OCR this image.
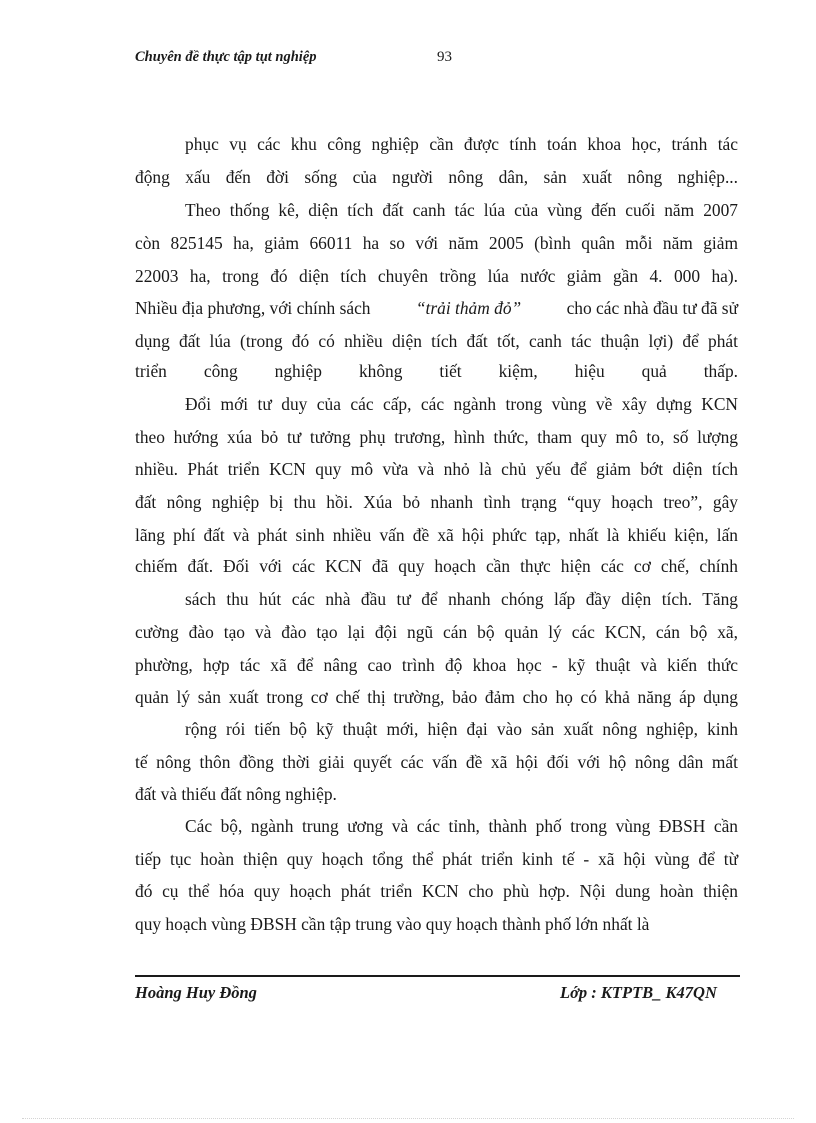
Chuyên đề thực tập tụt nghiệp	93
phục vụ các khu công nghiệp cần được tính toán khoa học, tránh tác
động xấu đến đời sống của người nông dân, sản xuất nông nghiệp...
Theo thống kê, diện tích đất canh tác lúa của vùng đến cuối năm 2007
còn 825145 ha, giảm 66011 ha so với năm 2005 (bình quân mỗi năm giảm
22003 ha, trong đó diện tích chuyên trồng lúa nước giảm gần 4. 000 ha).
Nhiều địa phương, với chính sách	“trải thảm đỏ”	cho các nhà đầu tư đã sử
dụng đất lúa (trong đó có nhiều diện tích đất tốt, canh tác thuận lợi) để phát
triển công nghiệp không tiết kiệm, hiệu quả thấp.
Đổi mới tư duy của các cấp, các ngành trong vùng về xây dựng KCN
theo hướng xúa bỏ tư tưởng phụ trương, hình thức, tham quy mô to, số lượng
nhiều. Phát triển KCN quy mô vừa và nhỏ là chủ yếu để giảm bớt diện tích
đất nông nghiệp bị thu hồi. Xúa bỏ nhanh tình trạng “quy hoạch treo”, gây
lãng phí đất và phát sinh nhiều vấn đề xã hội phức tạp, nhất là khiếu kiện, lấn
chiếm đất. Đối với các KCN đã quy hoạch cần thực hiện các cơ chế, chính
sách thu hút các nhà đầu tư để nhanh chóng lấp đầy diện tích. Tăng
cường đào tạo và đào tạo lại đội ngũ cán bộ quản lý các KCN, cán bộ xã,
phường, hợp tác xã để nâng cao trình độ khoa học - kỹ thuật và kiến thức
quản lý sản xuất trong cơ chế thị trường, bảo đảm cho họ có khả năng áp dụng
rộng rói tiến bộ kỹ thuật mới, hiện đại vào sản xuất nông nghiệp, kinh
tế nông thôn đồng thời giải quyết các vấn đề xã hội đối với hộ nông dân mất
đất và thiếu đất nông nghiệp.
Các bộ, ngành trung ương và các tỉnh, thành phố trong vùng ĐBSH cần
tiếp tục hoàn thiện quy hoạch tổng thể phát triển kinh tế - xã hội vùng để từ
đó cụ thể hóa quy hoạch phát triển KCN cho phù hợp. Nội dung hoàn thiện
quy hoạch vùng ĐBSH cần tập trung vào quy hoạch thành phố lớn nhất là
Hoàng Huy Đồng	Lớp : KTPTB_ K47QN
